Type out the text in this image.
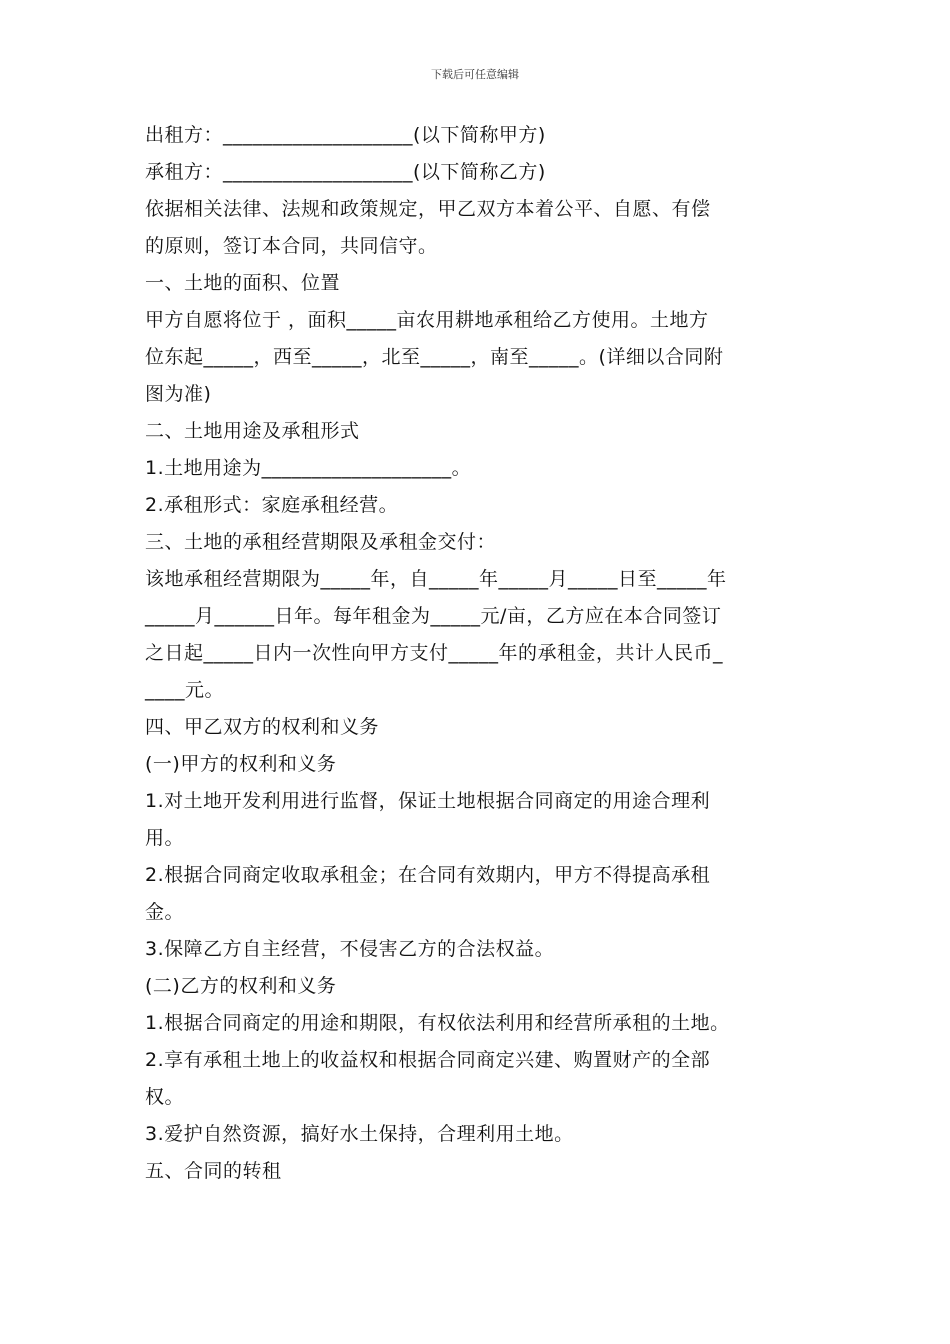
下载后可任意编辑
出租方：___________________(以下简称甲方)
承租方：___________________(以下简称乙方)
依据相关法律、法规和政策规定，甲乙双方本着公平、自愿、有偿
的原则，签订本合同，共同信守。
一、土地的面积、位置
甲方自愿将位于 ，面积_____亩农用耕地承租给乙方使用。土地方
位东起_____，西至_____，北至_____，南至_____。(详细以合同附
图为准)
二、土地用途及承租形式
1.土地用途为___________________。
2.承租形式：家庭承租经营。
三、土地的承租经营期限及承租金交付：
该地承租经营期限为_____年，自_____年_____月_____日至_____年
_____月______日年。每年租金为_____元/亩，乙方应在本合同签订
之日起_____日内一次性向甲方支付_____年的承租金，共计人民币_
____元。
四、甲乙双方的权利和义务
(一)甲方的权利和义务
1.对土地开发利用进行监督，保证土地根据合同商定的用途合理利
用。
2.根据合同商定收取承租金；在合同有效期内，甲方不得提高承租
金。
3.保障乙方自主经营，不侵害乙方的合法权益。
(二)乙方的权利和义务
1.根据合同商定的用途和期限，有权依法利用和经营所承租的土地。
2.享有承租土地上的收益权和根据合同商定兴建、购置财产的全部
权。
3.爱护自然资源，搞好水土保持，合理利用土地。
五、合同的转租
